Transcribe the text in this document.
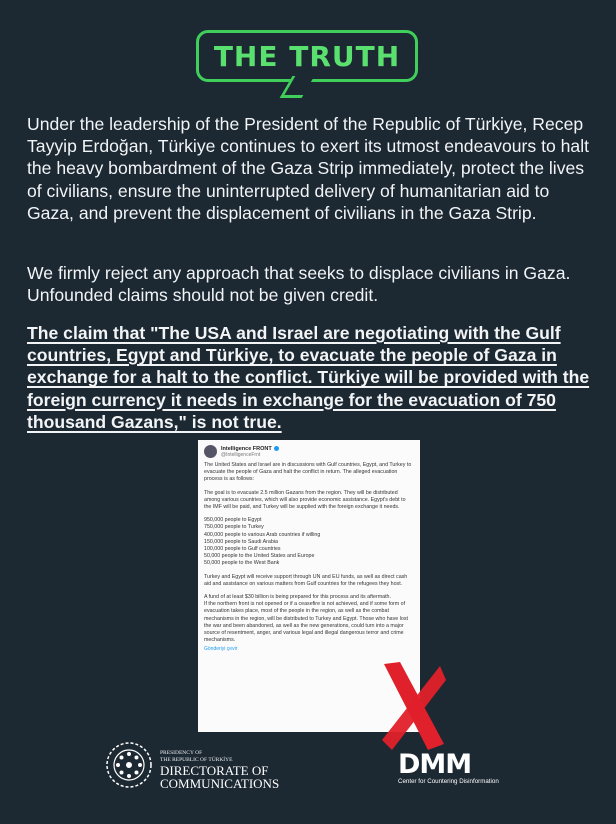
THE TRUTH
Under the leadership of the President of the Republic of Türkiye, Recep Tayyip Erdoğan, Türkiye continues to exert its utmost endeavours to halt the heavy bombardment of the Gaza Strip immediately, protect the lives of civilians, ensure the uninterrupted delivery of humanitarian aid to Gaza, and prevent the displacement of civilians in the Gaza Strip.
We firmly reject any approach that seeks to displace civilians in Gaza. Unfounded claims should not be given credit.
The claim that "The USA and Israel are negotiating with the Gulf countries, Egypt and Türkiye, to evacuate the people of Gaza in exchange for a halt to the conflict. Türkiye will be provided with the foreign currency it needs in exchange for the evacuation of 750 thousand Gazans," is not true.
Intelligence FRONT
@IntelligenceFrnt

The United States and Israel are in discussions with Gulf countries, Egypt, and Turkey to evacuate the people of Gaza and halt the conflict in return. The alleged evacuation process is as follows:

The goal is to evacuate 2.5 million Gazans from the region. They will be distributed among various countries, which will also provide economic assistance. Egypt's debt to the IMF will be paid, and Turkey will be supplied with the foreign exchange it needs.

950,000 people to Egypt
750,000 people to Turkey
400,000 people to various Arab countries if willing
150,000 people to Saudi Arabia
100,000 people to Gulf countries
50,000 people to the United States and Europe
50,000 people to the West Bank

Turkey and Egypt will receive support through UN and EU funds, as well as direct cash aid and assistance on various matters from Gulf countries for the refugees they host.

A fund of at least $30 billion is being prepared for this process and its aftermath.

If the northern front is not opened or if a ceasefire is not achieved, and if some form of evacuation takes place, most of the people in the region, as well as the combat mechanisms in the region, will be distributed to Turkey and Egypt. Those who have lost the war and been abandoned, as well as the new generations, could turn into a major source of resentment, anger, and various legal and illegal dangerous terror and crime mechanisms.

Gönderiyi çevir
PRESIDENCY OF
THE REPUBLIC OF TÜRKİYE
DIRECTORATE OF
COMMUNICATIONS
DMM
Center for Countering Disinformation
